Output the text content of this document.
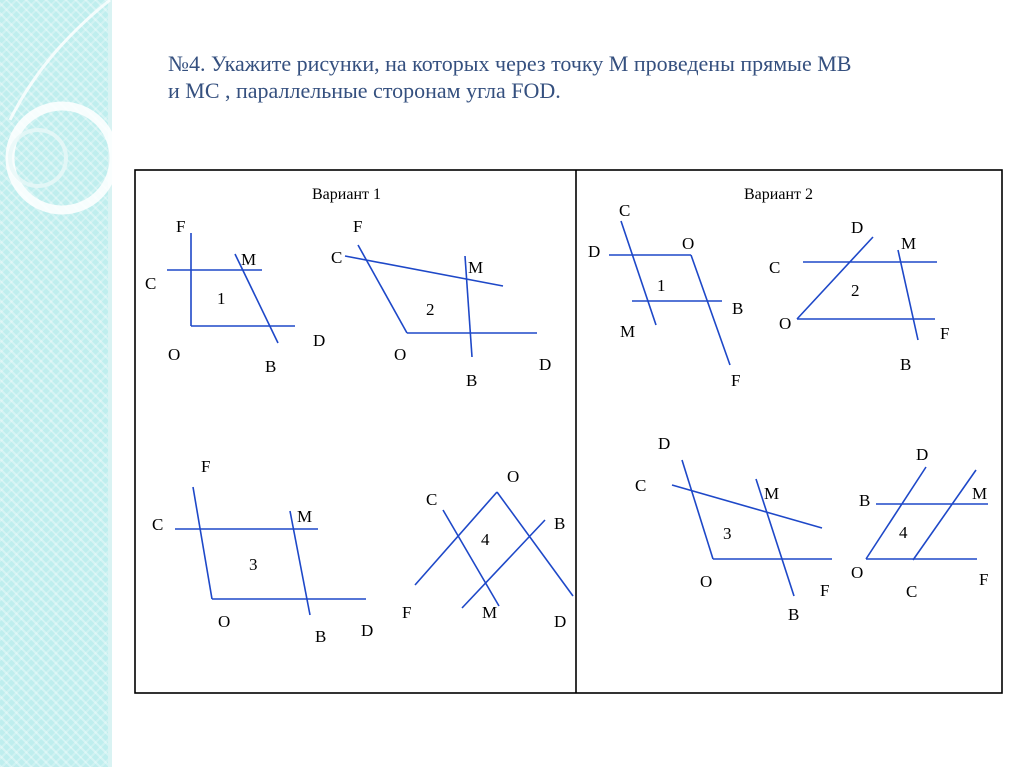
№4. Укажите рисунки, на которых через точку М проведены прямые МВ
и МС , параллельные сторонам угла FOD.
Вариант 1	Вариант 2
F
M
C
1
D
O
B
F
C
M
2
O
D
B
F
M
C
3
O	D
B
O
C
B
4
F	M	D
C
O
D
1
B
M
F
D
M
C
2
O
F
B
D
C	M
3
O	F
B
D
M
B
4
O	F
C
